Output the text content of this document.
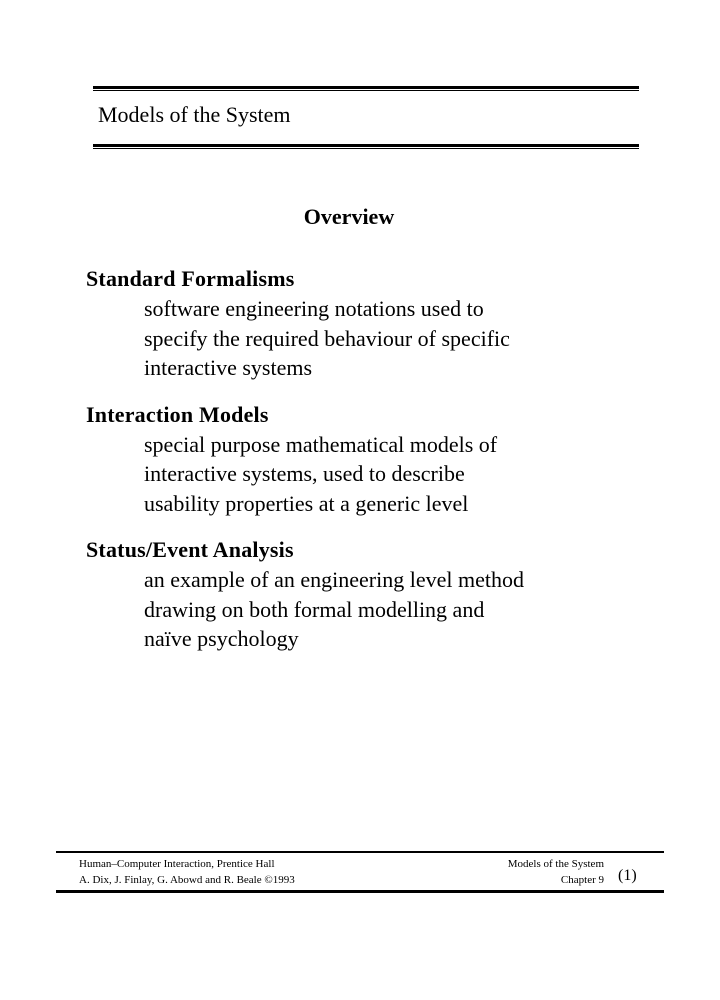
Models of the System
Overview
Standard Formalisms
software engineering notations used to
specify the required behaviour of specific
interactive systems
Interaction Models
special purpose mathematical models of
interactive systems, used to describe
usability properties at a generic level
Status/Event Analysis
an example of an engineering level method
drawing on both formal modelling and
naïve psychology
Human–Computer Interaction, Prentice Hall
A. Dix, J. Finlay, G. Abowd and R. Beale ©1993
Models of the System
Chapter 9 (1)
